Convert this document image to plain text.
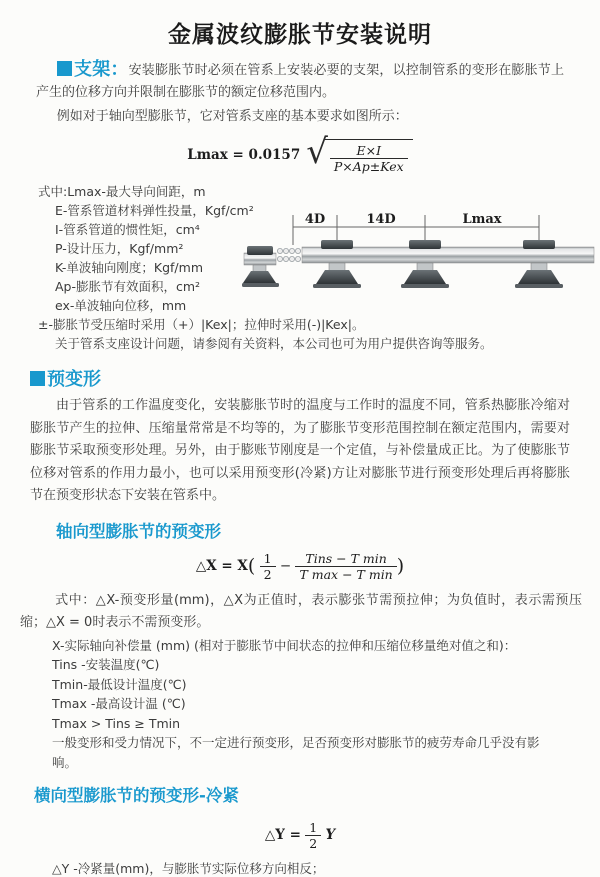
金属波纹膨胀节安装说明

支架：安装膨胀节时必须在管系上安装必要的支架，以控制管系的变形在膨胀节上产生的位移方向并限制在膨胀节的额定位移范围内。

例如对于轴向型膨胀节，它对管系支座的基本要求如图所示：

Lmax = 0.0157 √ $\frac{E\times I}{\text{P×Ap±Kex}}$
式中:Lmax-最大导向间距，m
E-管系管道材料弹性投量，Kgf/cm²
I-管系管道的惯性矩，cm⁴
P-设计压力，Kgf/mm²
K-单波轴向刚度；Kgf/mm
Ap-膨胀节有效面积，cm²
ex-单波轴向位移，mm
±-膨胀节受压缩时采用（+）|Kex|；拉伸时采用(-)|Kex|。
关于管系支座设计问题，请参阅有关资料，本公司也可为用户提供咨询等服务。
4D	14D	Lmax
预变形

由于管系的工作温度变化，安装膨胀节时的温度与工作时的温度不同，管系热膨胀冷缩对膨胀节产生的拉伸、压缩量常常是不均等的，为了膨胀节变形范围控制在额定范围内，需要对膨胀节采取预变形处理。另外，由于膨账节刚度是一个定值，与补偿量成正比。为了使膨胀节位移对管系的作用力最小，也可以采用预变形(冷紧)方让对膨胀节进行预变形处理后再将膨胀节在预变形状态下安装在管系中。

轴向型膨胀节的预变形
△X = $X( \frac{1}{2} - \frac{\text{Tins − T min}}{\text{T max − T min}}$ )

式中：△X-预变形量(mm)，△X为正值时，表示膨张节需预拉伸；为负值时，表示需预压缩；△X = 0时表示不需预变形。

X-实际轴向补偿量 (mm) (相对于膨胀节中间状态的拉伸和压缩位移量绝对值之和)：
Tins -安装温度(℃)
Tmin-最低设计温度(℃)
Tmax -最高设计温 (℃)
Tmax > Tins ≥ Tmin
一般变形和受力情况下，不一定进行预变形，足否预变形对膨胀节的疲劳寿命几乎没有影响。
横向型膨胀节的预变形-冷紧
△Y = $\frac{1}{2}$ Y

△Y -冷紧量(mm)，与膨胀节实际位移方向相反；
